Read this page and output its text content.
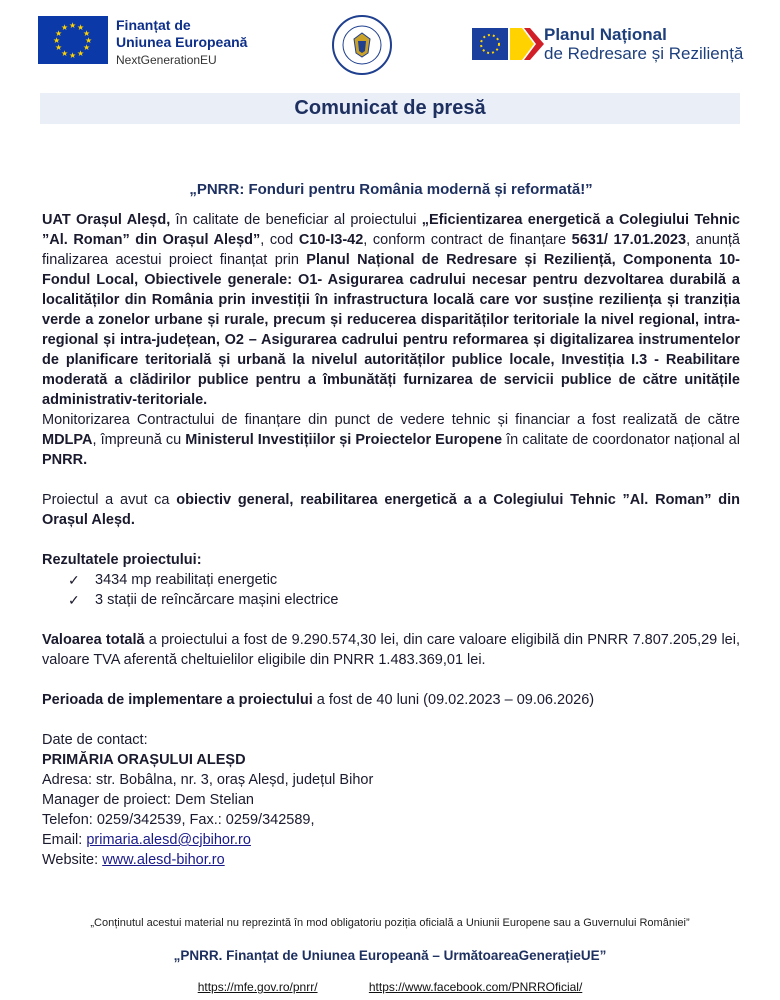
★ ★
★
★
★
★
★
★
★
★
★
★	Finanțat de
Uniunea Europeană
NextGenerationEU
Planul Național
de Redresare și Reziliență
Comunicat de presă
„PNRR: Fonduri pentru România modernă și reformată!”

UAT Orașul Aleșd, în calitate de beneficiar al proiectului „Eficientizarea energetică a Colegiului Tehnic ”Al. Roman” din Orașul Aleșd”, cod C10-I3-42, conform contract de finanțare 5631/ 17.01.2023, anunță finalizarea acestui proiect finanțat prin Planul Național de Redresare și Reziliență, Componenta 10-Fondul Local, Obiectivele generale: O1- Asigurarea cadrului necesar pentru dezvoltarea durabilă a localităților din România prin investiții în infrastructura locală care vor susține reziliența și tranziția verde a zonelor urbane și rurale, precum și reducerea disparităților teritoriale la nivel regional, intra-regional și intra-județean, O2 – Asigurarea cadrului pentru reformarea și digitalizarea instrumentelor de planificare teritorială și urbană la nivelul autorităților publice locale, Investiția I.3 - Reabilitare moderată a clădirilor publice pentru a îmbunătăți furnizarea de servicii publice de către unitățile administrativ-teritoriale.

Monitorizarea Contractului de finanțare din punct de vedere tehnic și financiar a fost realizată de către MDLPA, împreună cu Ministerul Investițiilor și Proiectelor Europene în calitate de coordonator național al PNRR.

Proiectul a avut ca obiectiv general, reabilitarea energetică a a Colegiului Tehnic ”Al. Roman” din Orașul Aleșd.

Rezultatele proiectului:

✓	3434 mp reabilitați energetic
✓	3 stații de reîncărcare mașini electrice

Valoarea totală a proiectului a fost de 9.290.574,30 lei, din care valoare eligibilă din PNRR 7.807.205,29 lei, valoare TVA aferentă cheltuielilor eligibile din PNRR 1.483.369,01 lei.

Perioada de implementare a proiectului a fost de 40 luni (09.02.2023 – 09.06.2026)

Date de contact:
PRIMĂRIA ORAȘULUI ALEȘD
Adresa: str. Bobâlna, nr. 3, oraș Aleșd, județul Bihor
Manager de proiect: Dem Stelian
Telefon: 0259/342539, Fax.: 0259/342589,
Email: primaria.alesd@cjbihor.ro
Website: www.alesd-bihor.ro
„Conținutul acestui material nu reprezintă în mod obligatoriu poziția oficială a Uniunii Europene sau a Guvernului României”
„PNRR. Finanțat de Uniunea Europeană – UrmătoareaGenerațieUE”
https://mfe.gov.ro/pnrr/	https://www.facebook.com/PNRROficial/
